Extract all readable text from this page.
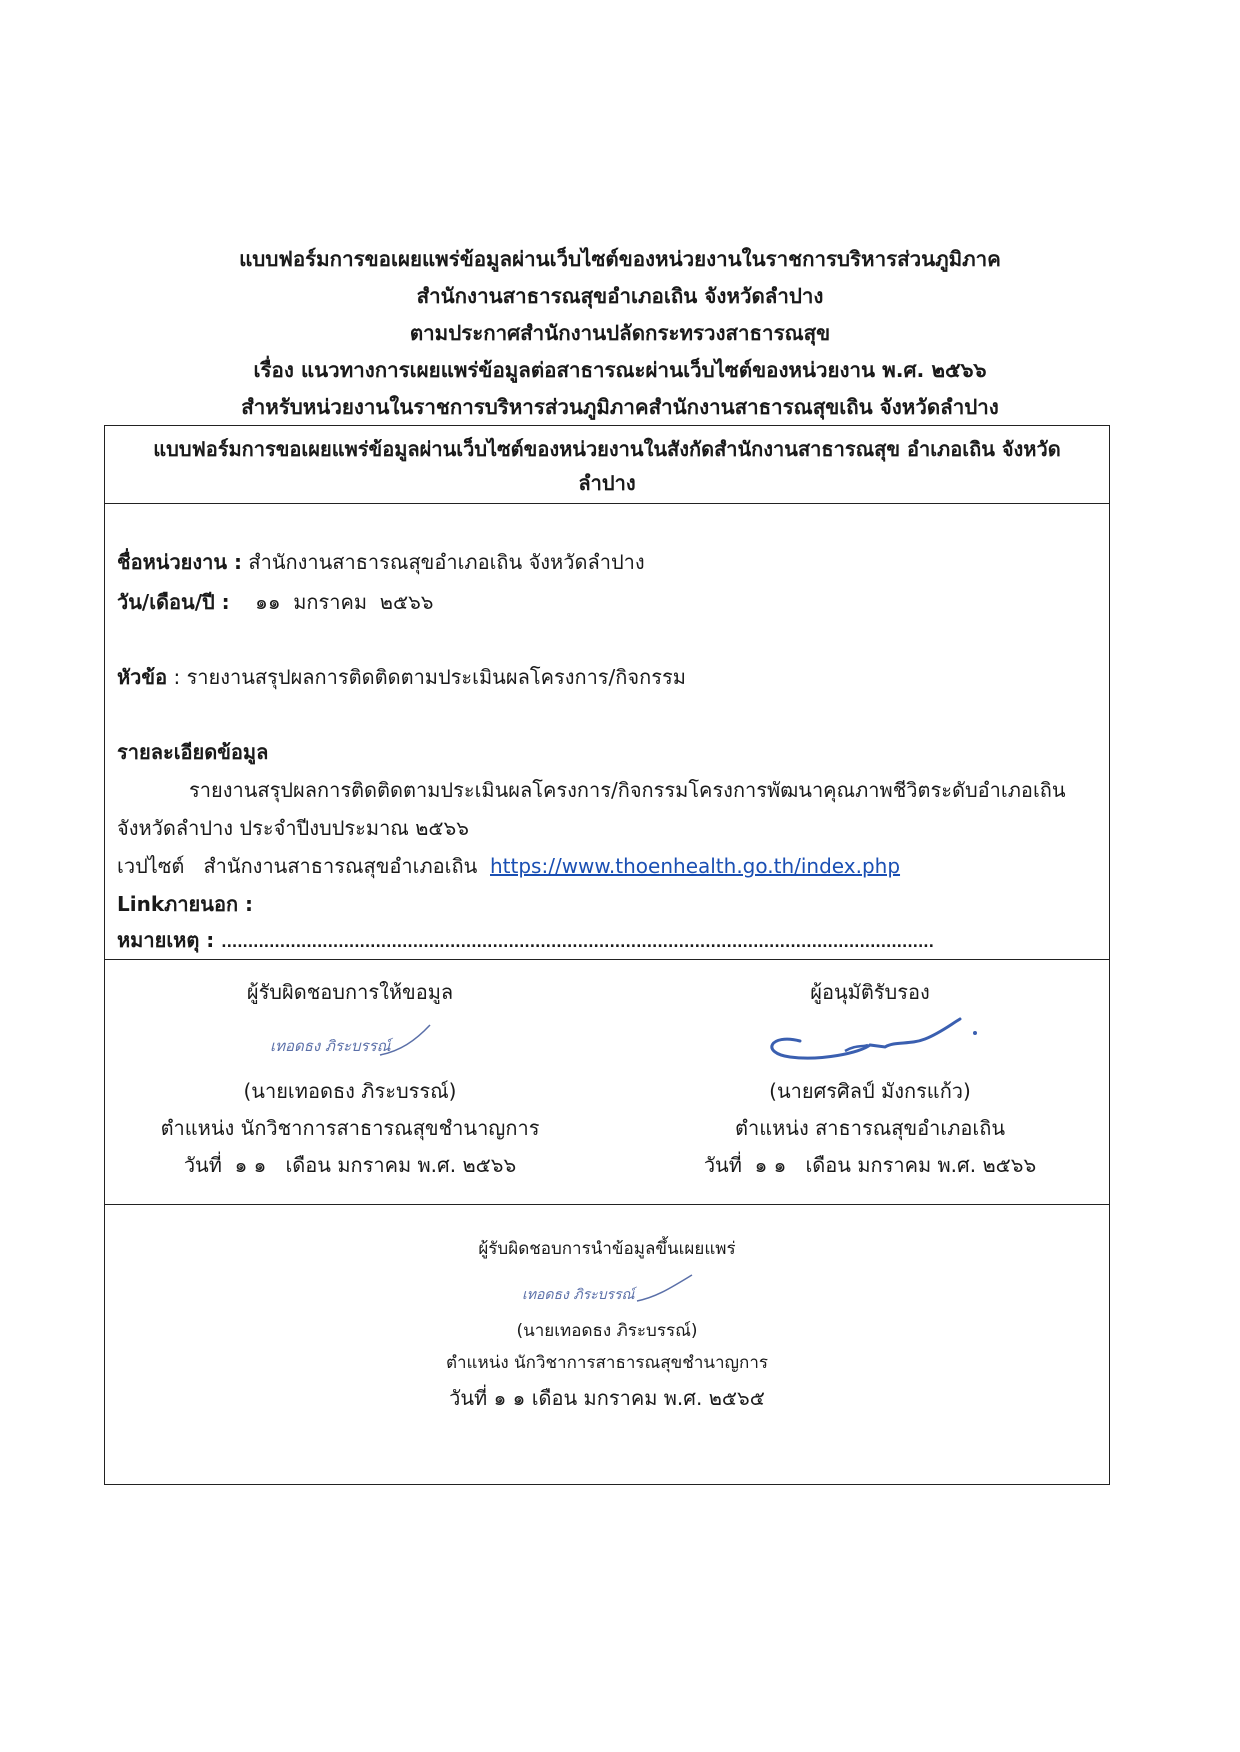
แบบฟอร์มการขอเผยแพร่ข้อมูลผ่านเว็บไซต์ของหน่วยงานในราชการบริหารส่วนภูมิภาค
สำนักงานสาธารณสุขอำเภอเถิน จังหวัดลำปาง
ตามประกาศสำนักงานปลัดกระทรวงสาธารณสุข
เรื่อง แนวทางการเผยแพร่ข้อมูลต่อสาธารณะผ่านเว็บไซต์ของหน่วยงาน พ.ศ. ๒๕๖๖
สำหรับหน่วยงานในราชการบริหารส่วนภูมิภาคสำนักงานสาธารณสุขเถิน จังหวัดลำปาง
แบบฟอร์มการขอเผยแพร่ข้อมูลผ่านเว็บไซต์ของหน่วยงานในสังกัดสำนักงานสาธารณสุข อำเภอเถิน จังหวัด
ลำปาง
ชื่อหน่วยงาน : สำนักงานสาธารณสุขอำเภอเถิน จังหวัดลำปาง
วัน/เดือน/ปี :    ๑๑  มกราคม  ๒๕๖๖
หัวข้อ : รายงานสรุปผลการติดติดตามประเมินผลโครงการ/กิจกรรม
รายละเอียดข้อมูล
รายงานสรุปผลการติดติดตามประเมินผลโครงการ/กิจกรรมโครงการพัฒนาคุณภาพชีวิตระดับอำเภอเถิน
จังหวัดลำปาง ประจำปีงบประมาณ ๒๕๖๖
เวปไซต์   สำนักงานสาธารณสุขอำเภอเถิน  https://www.thoenhealth.go.th/index.php
Linkภายนอก :
หมายเหตุ : ......................................................................................................................................
ผู้รับผิดชอบการให้ขอมูล
เทอดธง ภิระบรรณ์
(นายเทอดธง ภิระบรรณ์)
ตำแหน่ง นักวิชาการสาธารณสุขชำนาญการ
วันที่  ๑ ๑   เดือน มกราคม พ.ศ. ๒๕๖๖
ผู้อนุมัติรับรอง
(นายศรศิลป์ มังกรแก้ว)
ตำแหน่ง สาธารณสุขอำเภอเถิน
วันที่  ๑ ๑   เดือน มกราคม พ.ศ. ๒๕๖๖
ผู้รับผิดชอบการนำข้อมูลขึ้นเผยแพร่
เทอดธง ภิระบรรณ์
(นายเทอดธง ภิระบรรณ์)
ตำแหน่ง นักวิชาการสาธารณสุขชำนาญการ
วันที่ ๑ ๑ เดือน มกราคม พ.ศ. ๒๕๖๕
